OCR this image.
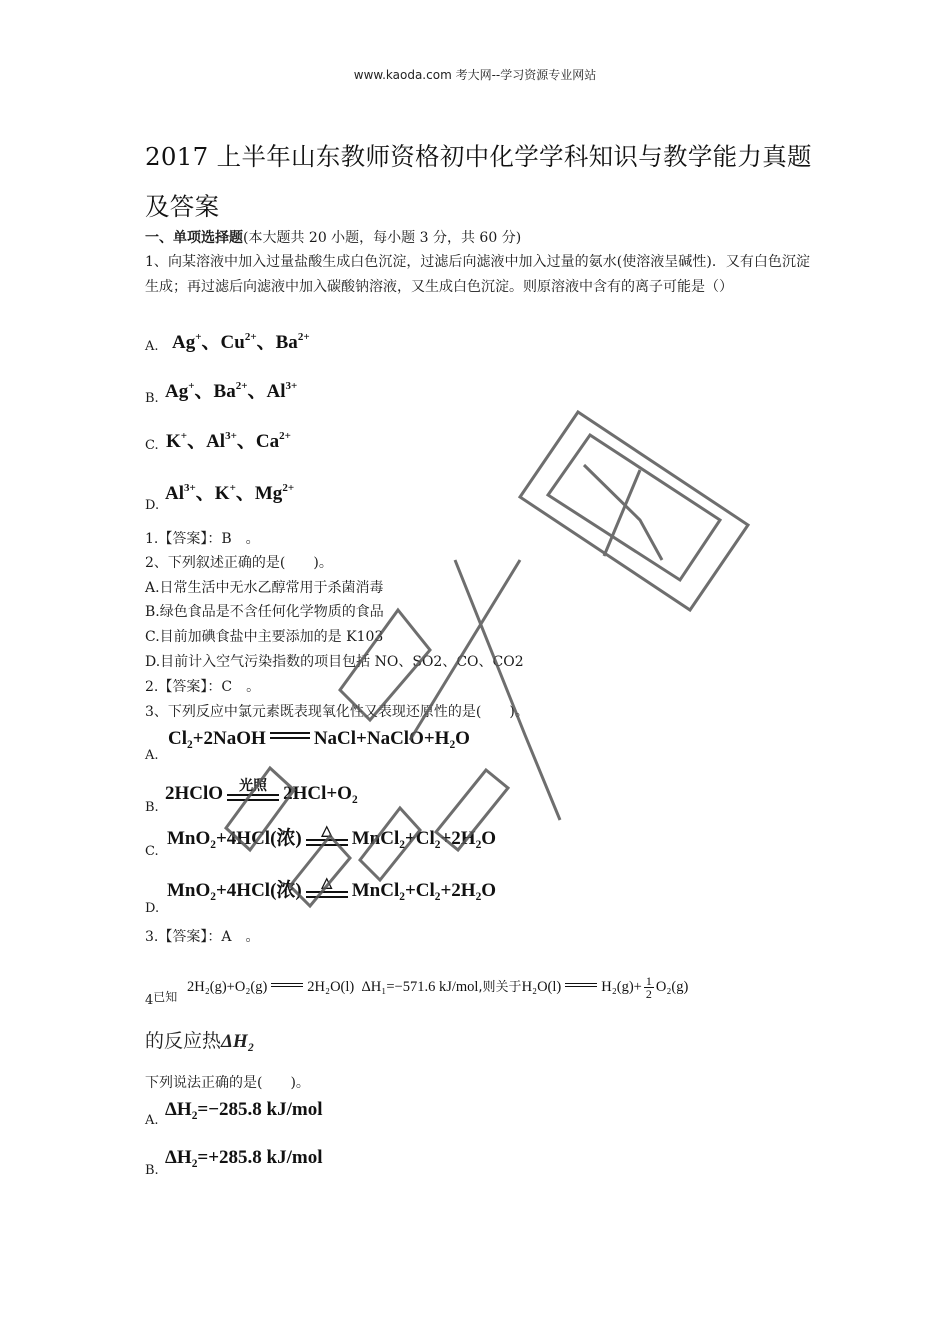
www.kaoda.com 考大网--学习资源专业网站
2017 上半年山东教师资格初中化学学科知识与教学能力真题及答案
一、单项选择题(本大题共 20 小题，每小题 3 分，共 60 分)
1、向某溶液中加入过量盐酸生成白色沉淀，过滤后向滤液中加入过量的氨水(使溶液呈碱性)．又有白色沉淀生成；再过滤后向滤液中加入碳酸钠溶液，又生成白色沉淀。则原溶液中含有的离子可能是（）
A. Ag+、$Cu^{2+}$、$Ba^{2+}$
B. Ag+、$Ba^{2+}$、$Al^{3+}$
C. K+、$Al^{3+}$、$Ca^{2+}$
D.
$Al^{3+}$、K+、$Mg^{2+}$
1.【答案】：B　。
2、下列叙述正确的是(　　)。
A.日常生活中无水乙醇常用于杀菌消毒
B.绿色食品是不含任何化学物质的食品
C.目前加碘食盐中主要添加的是 K103
D.目前计入空气污染指数的项目包括 NO、SO2、CO、CO2
2.【答案】：C　。
3、下列反应中氯元素既表现氧化性又表现还原性的是(　　)。
A.
Cl₂+2NaOH	NaCl+NaClO+H₂O
B.
2HClO	光照 2HCl+O₂
C.
MnO₂+4HCl(浓)	△	MnCl₂+Cl₂+2H₂O
D.
MnO₂+4HCl(浓)	△	MnCl₂+Cl₂+2H₂O
3.【答案】：A　。
4已知
2H₂(g)+O₂(g)	2H₂O(l) ΔH₁=−571.6 kJ/mol,则关于H₂O(l)	$H_2(g)+ \frac{1}{2} O_2(g)$
的反应热ΔH₂
下列说法正确的是(　　)。
A.
ΔH₂=−285.8 kJ/mol
B.
ΔH₂=+285.8 kJ/mol
